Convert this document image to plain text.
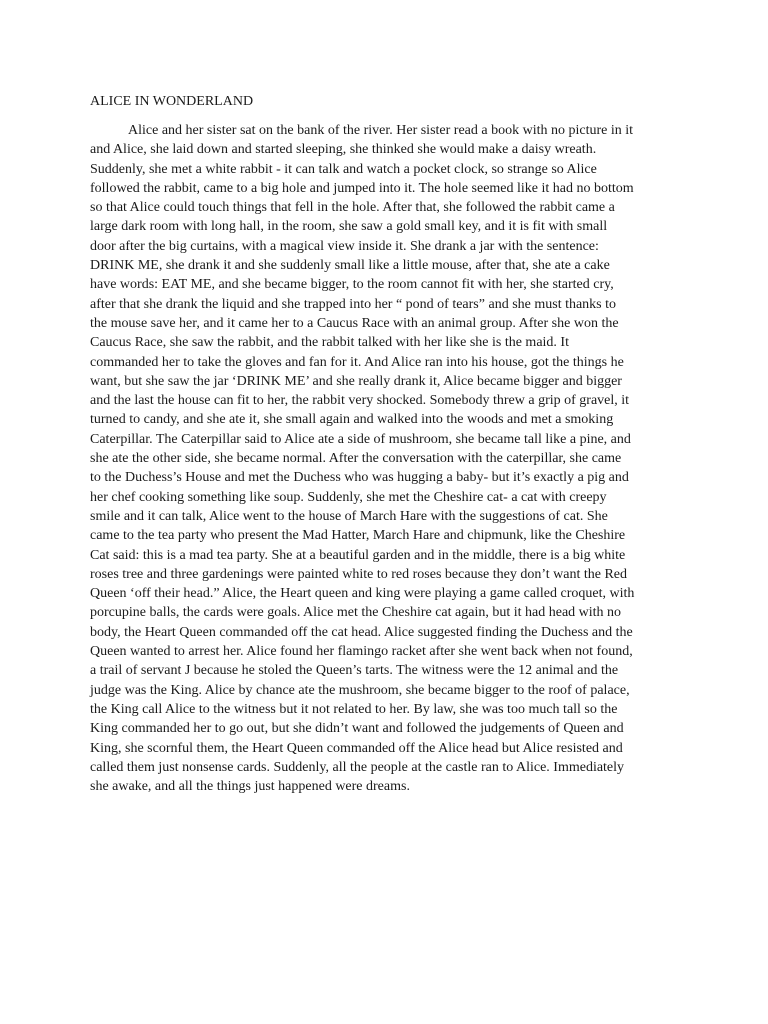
ALICE IN WONDERLAND

Alice and her sister sat on the bank of the river. Her sister read a book with no picture in it
and Alice, she laid down and started sleeping, she thinked she would make a daisy wreath.
Suddenly, she met a white rabbit - it can talk and watch a pocket clock, so strange so Alice
followed the rabbit, came to a big hole and jumped into it. The hole seemed like it had no bottom
so that Alice could touch things that fell in the hole. After that, she followed the rabbit came a
large dark room with long hall, in the room, she saw a gold small key, and it is fit with small
door after the big curtains, with a magical view inside it. She drank a jar with the sentence:
DRINK ME, she drank it and she suddenly small like a little mouse, after that, she ate a cake
have words: EAT ME, and she became bigger, to the room cannot fit with her, she started cry,
after that she drank the liquid and she trapped into her “ pond of tears” and she must thanks to
the mouse save her, and it came her to a Caucus Race with an animal group. After she won the
Caucus Race, she saw the rabbit, and the rabbit talked with her like she is the maid. It
commanded her to take the gloves and fan for it. And Alice ran into his house, got the things he
want, but she saw the jar ‘DRINK ME’ and she really drank it, Alice became bigger and bigger
and the last the house can fit to her, the rabbit very shocked. Somebody threw a grip of gravel, it
turned to candy, and she ate it, she small again and walked into the woods and met a smoking
Caterpillar. The Caterpillar said to Alice ate a side of mushroom, she became tall like a pine, and
she ate the other side, she became normal. After the conversation with the caterpillar, she came
to the Duchess’s House and met the Duchess who was hugging a baby- but it’s exactly a pig and
her chef cooking something like soup. Suddenly, she met the Cheshire cat- a cat with creepy
smile and it can talk, Alice went to the house of March Hare with the suggestions of cat. She
came to the tea party who present the Mad Hatter, March Hare and chipmunk, like the Cheshire
Cat said: this is a mad tea party. She at a beautiful garden and in the middle, there is a big white
roses tree and three gardenings were painted white to red roses because they don’t want the Red
Queen ‘off their head.” Alice, the Heart queen and king were playing a game called croquet, with
porcupine balls, the cards were goals. Alice met the Cheshire cat again, but it had head with no
body, the Heart Queen commanded off the cat head. Alice suggested finding the Duchess and the
Queen wanted to arrest her. Alice found her flamingo racket after she went back when not found,
a trail of servant J because he stoled the Queen’s tarts. The witness were the 12 animal and the
judge was the King. Alice by chance ate the mushroom, she became bigger to the roof of palace,
the King call Alice to the witness but it not related to her. By law, she was too much tall so the
King commanded her to go out, but she didn’t want and followed the judgements of Queen and
King, she scornful them, the Heart Queen commanded off the Alice head but Alice resisted and
called them just nonsense cards. Suddenly, all the people at the castle ran to Alice. Immediately
she awake, and all the things just happened were dreams.
